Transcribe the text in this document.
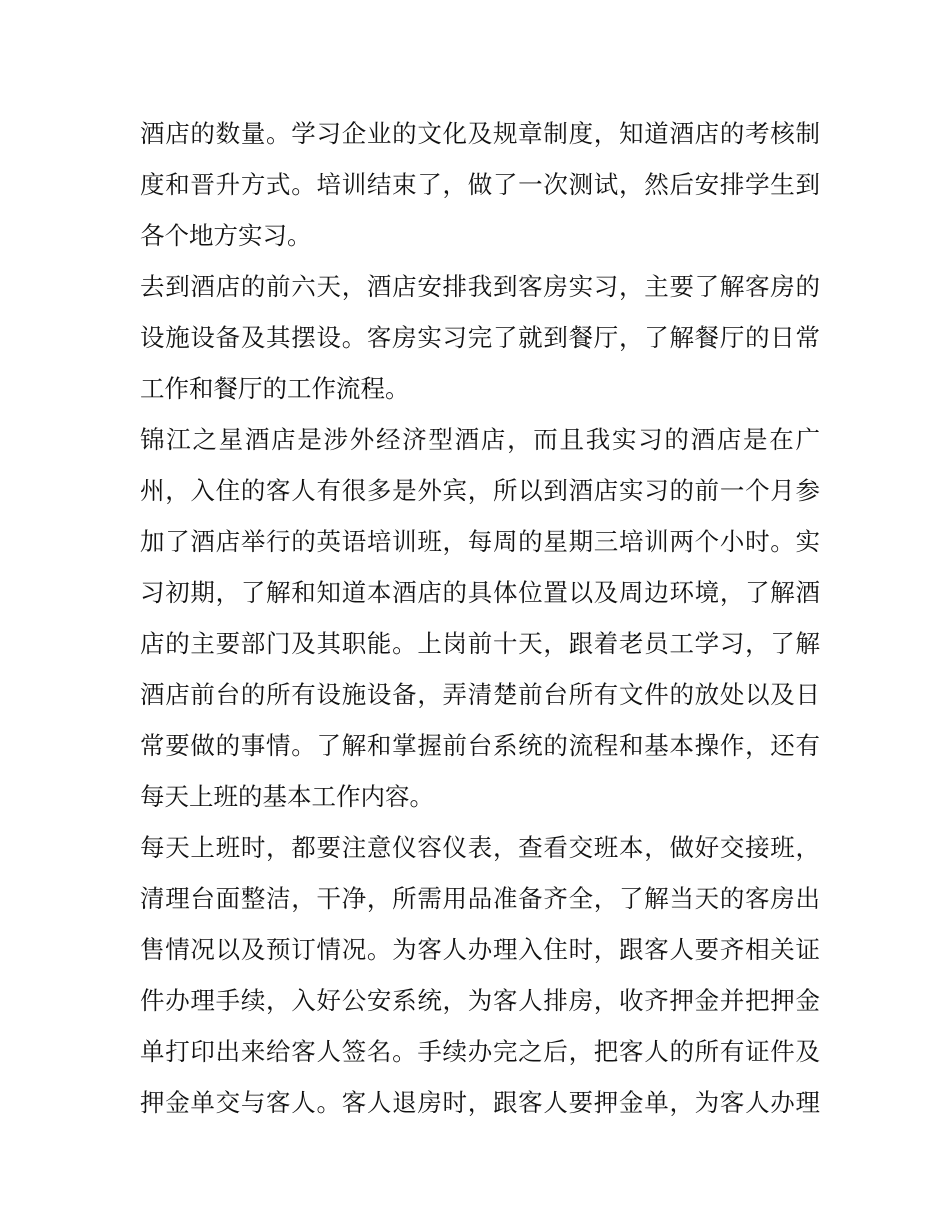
酒店的数量。学习企业的文化及规章制度，知道酒店的考核制
度和晋升方式。培训结束了，做了一次测试，然后安排学生到
各个地方实习。
去到酒店的前六天，酒店安排我到客房实习，主要了解客房的
设施设备及其摆设。客房实习完了就到餐厅，了解餐厅的日常
工作和餐厅的工作流程。
锦江之星酒店是涉外经济型酒店，而且我实习的酒店是在广
州，入住的客人有很多是外宾，所以到酒店实习的前一个月参
加了酒店举行的英语培训班，每周的星期三培训两个小时。实
习初期，了解和知道本酒店的具体位置以及周边环境，了解酒
店的主要部门及其职能。上岗前十天，跟着老员工学习，了解
酒店前台的所有设施设备，弄清楚前台所有文件的放处以及日
常要做的事情。了解和掌握前台系统的流程和基本操作，还有
每天上班的基本工作内容。
每天上班时，都要注意仪容仪表，查看交班本，做好交接班，
清理台面整洁，干净，所需用品准备齐全，了解当天的客房出
售情况以及预订情况。为客人办理入住时，跟客人要齐相关证
件办理手续，入好公安系统，为客人排房，收齐押金并把押金
单打印出来给客人签名。手续办完之后，把客人的所有证件及
押金单交与客人。客人退房时，跟客人要押金单，为客人办理
